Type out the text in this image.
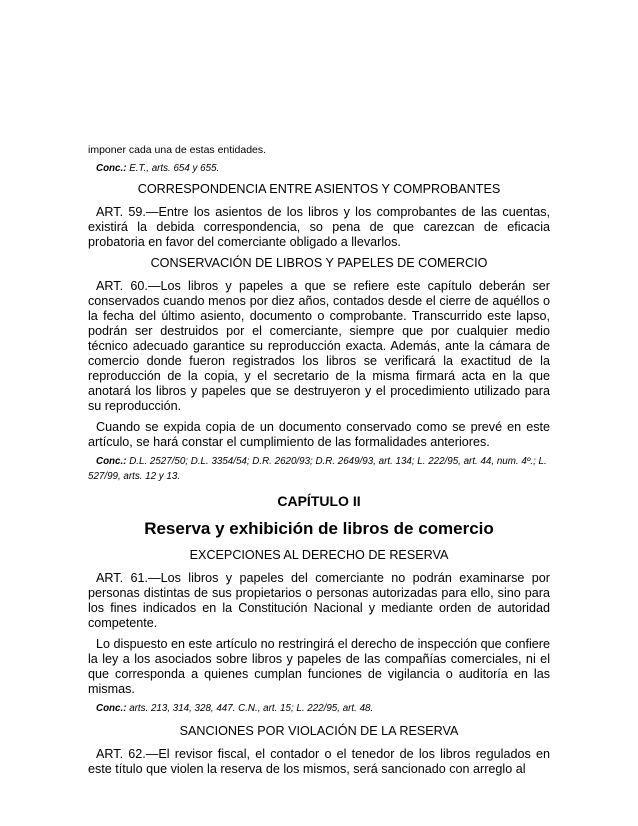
imponer cada una de estas entidades.

Conc.: E.T., arts. 654 y 655.

CORRESPONDENCIA ENTRE ASIENTOS Y COMPROBANTES

ART. 59.—Entre los asientos de los libros y los comprobantes de las cuentas, existirá la debida correspondencia, so pena de que carezcan de eficacia probatoria en favor del comerciante obligado a llevarlos.

CONSERVACIÓN DE LIBROS Y PAPELES DE COMERCIO

ART. 60.—Los libros y papeles a que se refiere este capítulo deberán ser conservados cuando menos por diez años, contados desde el cierre de aquéllos o la fecha del último asiento, documento o comprobante. Transcurrido este lapso, podrán ser destruidos por el comerciante, siempre que por cualquier medio técnico adecuado garantice su reproducción exacta. Además, ante la cámara de comercio donde fueron registrados los libros se verificará la exactitud de la reproducción de la copia, y el secretario de la misma firmará acta en la que anotará los libros y papeles que se destruyeron y el procedimiento utilizado para su reproducción.

Cuando se expida copia de un documento conservado como se prevé en este artículo, se hará constar el cumplimiento de las formalidades anteriores.

Conc.: D.L. 2527/50; D.L. 3354/54; D.R. 2620/93; D.R. 2649/93, art. 134; L. 222/95, art. 44, num. 4º.; L. 527/99, arts. 12 y 13.

CAPÍTULO II

Reserva y exhibición de libros de comercio

EXCEPCIONES AL DERECHO DE RESERVA

ART. 61.—Los libros y papeles del comerciante no podrán examinarse por personas distintas de sus propietarios o personas autorizadas para ello, sino para los fines indicados en la Constitución Nacional y mediante orden de autoridad competente.

Lo dispuesto en este artículo no restringirá el derecho de inspección que confiere la ley a los asociados sobre libros y papeles de las compañías comerciales, ni el que corresponda a quienes cumplan funciones de vigilancia o auditoría en las mismas.

Conc.: arts. 213, 314, 328, 447. C.N., art. 15; L. 222/95, art. 48.

SANCIONES POR VIOLACIÓN DE LA RESERVA

ART. 62.—El revisor fiscal, el contador o el tenedor de los libros regulados en este título que violen la reserva de los mismos, será sancionado con arreglo al
